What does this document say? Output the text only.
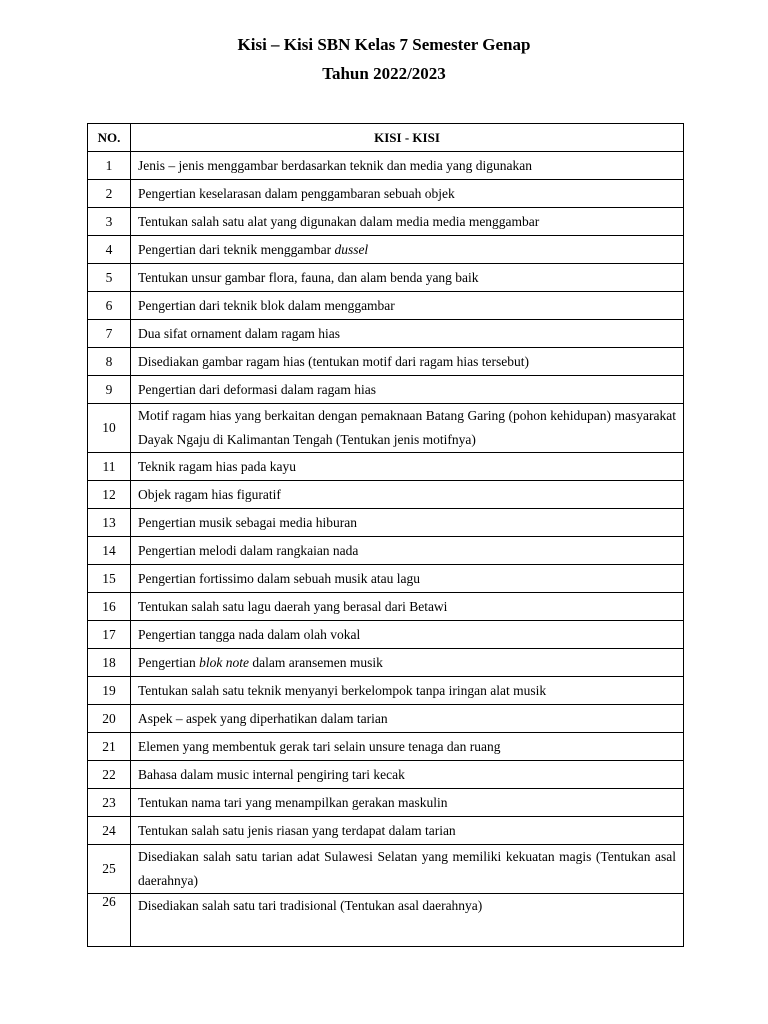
Kisi – Kisi SBN Kelas 7 Semester Genap
Tahun 2022/2023
NO.	KISI - KISI
1	Jenis – jenis menggambar berdasarkan teknik dan media yang digunakan
2	Pengertian keselarasan dalam penggambaran sebuah objek
3	Tentukan salah satu alat yang digunakan dalam media media menggambar
4	Pengertian dari teknik menggambar dussel
5	Tentukan unsur gambar flora, fauna, dan alam benda yang baik
6	Pengertian dari teknik blok dalam menggambar
7	Dua sifat ornament dalam ragam hias
8	Disediakan gambar ragam hias (tentukan motif dari ragam hias tersebut)
9	Pengertian dari deformasi dalam ragam hias
10	Motif ragam hias yang berkaitan dengan pemaknaan Batang Garing (pohon kehidupan) masyarakat Dayak Ngaju di Kalimantan Tengah (Tentukan jenis motifnya)
11	Teknik ragam hias pada kayu
12	Objek ragam hias figuratif
13	Pengertian musik sebagai media hiburan
14	Pengertian melodi dalam rangkaian nada
15	Pengertian fortissimo dalam sebuah musik atau lagu
16	Tentukan salah satu lagu daerah yang berasal dari Betawi
17	Pengertian tangga nada dalam olah vokal
18	Pengertian blok note dalam aransemen musik
19	Tentukan salah satu teknik menyanyi berkelompok tanpa iringan alat musik
20	Aspek – aspek yang diperhatikan dalam tarian
21	Elemen yang membentuk gerak tari selain unsure tenaga dan ruang
22	Bahasa dalam music internal pengiring tari kecak
23	Tentukan nama tari yang menampilkan gerakan maskulin
24	Tentukan salah satu jenis riasan yang terdapat dalam tarian
25	Disediakan salah satu tarian adat Sulawesi Selatan yang memiliki kekuatan magis (Tentukan asal daerahnya)
26	Disediakan salah satu tari tradisional (Tentukan asal daerahnya)
